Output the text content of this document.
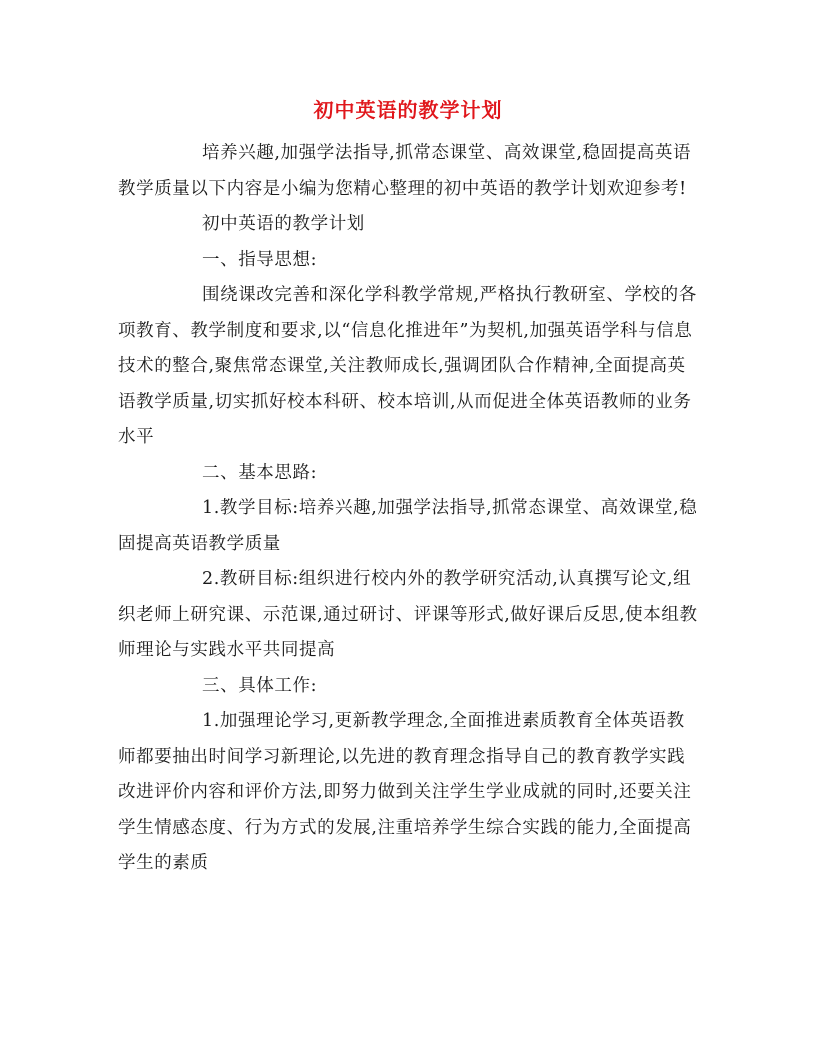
初中英语的教学计划

培养兴趣,加强学法指导,抓常态课堂、高效课堂,稳固提高英语教学质量以下内容是小编为您精心整理的初中英语的教学计划欢迎参考!

初中英语的教学计划

一、指导思想:

围绕课改完善和深化学科教学常规,严格执行教研室、学校的各项教育、教学制度和要求,以“信息化推进年”为契机,加强英语学科与信息技术的整合,聚焦常态课堂,关注教师成长,强调团队合作精神,全面提高英语教学质量,切实抓好校本科研、校本培训,从而促进全体英语教师的业务水平

二、基本思路:

1.教学目标:培养兴趣,加强学法指导,抓常态课堂、高效课堂,稳固提高英语教学质量

2.教研目标:组织进行校内外的教学研究活动,认真撰写论文,组织老师上研究课、示范课,通过研讨、评课等形式,做好课后反思,使本组教师理论与实践水平共同提高

三、具体工作:

1.加强理论学习,更新教学理念,全面推进素质教育全体英语教师都要抽出时间学习新理论,以先进的教育理念指导自己的教育教学实践改进评价内容和评价方法,即努力做到关注学生学业成就的同时,还要关注学生情感态度、行为方式的发展,注重培养学生综合实践的能力,全面提高学生的素质
